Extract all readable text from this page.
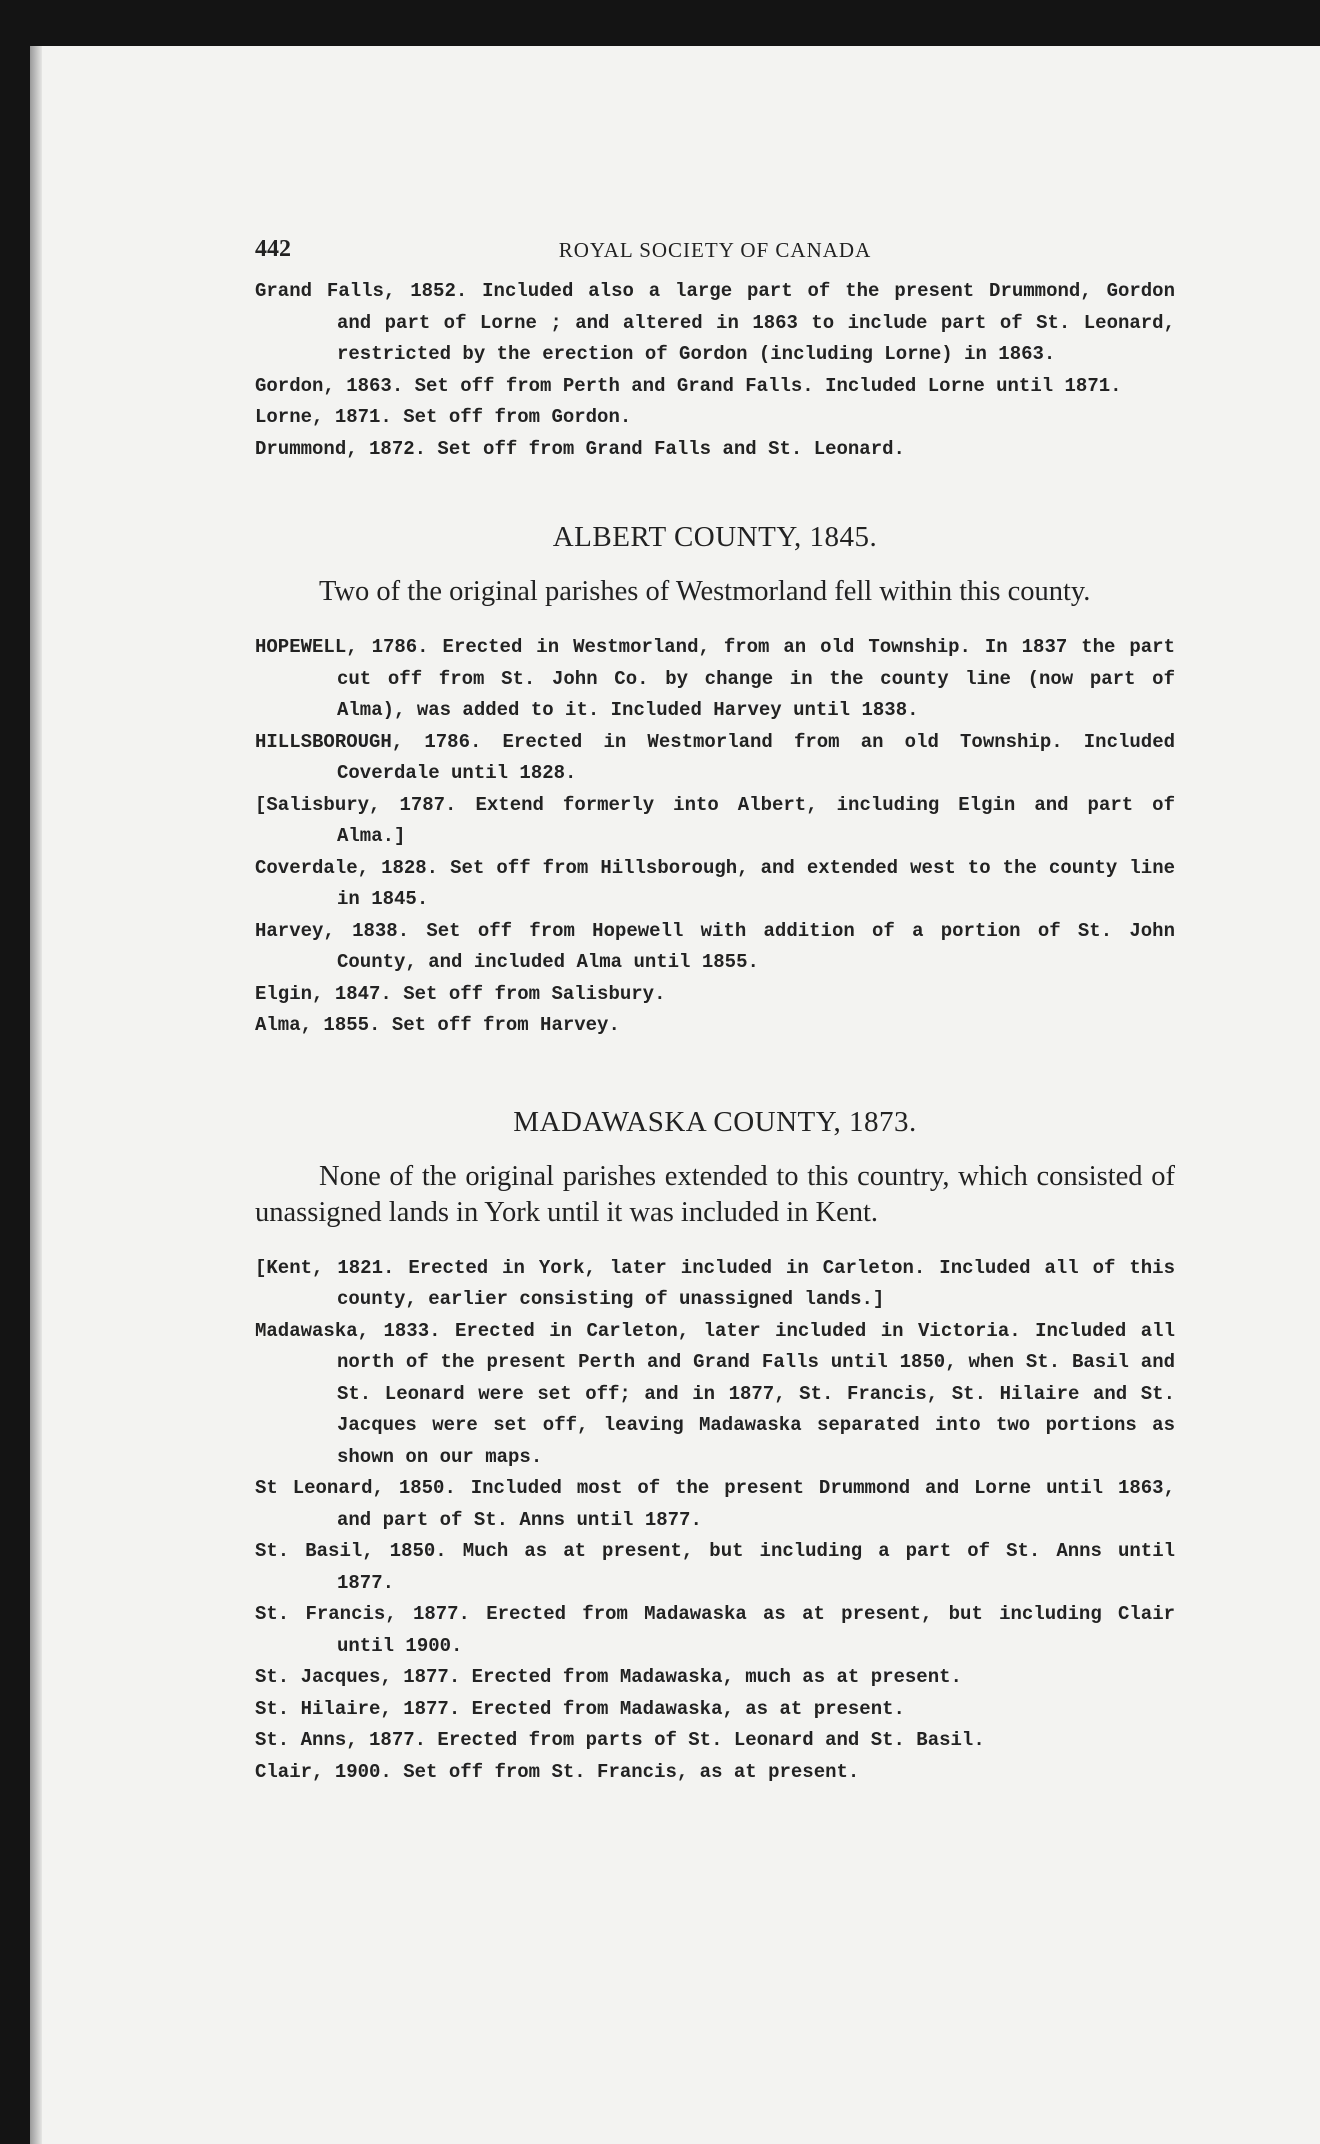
442	ROYAL SOCIETY OF CANADA

Grand Falls, 1852. Included also a large part of the present Drummond, Gordon and part of Lorne ; and altered in 1863 to include part of St. Leonard, restricted by the erection of Gordon (including Lorne) in 1863.

Gordon, 1863. Set off from Perth and Grand Falls. Included Lorne until 1871.

Lorne, 1871. Set off from Gordon.

Drummond, 1872. Set off from Grand Falls and St. Leonard.

ALBERT COUNTY, 1845.

Two of the original parishes of Westmorland fell within this county.

HOPEWELL, 1786. Erected in Westmorland, from an old Township. In 1837 the part cut off from St. John Co. by change in the county line (now part of Alma), was added to it. Included Harvey until 1838.

HILLSBOROUGH, 1786. Erected in Westmorland from an old Township. Included Coverdale until 1828.

[Salisbury, 1787. Extend formerly into Albert, including Elgin and part of Alma.]

Coverdale, 1828. Set off from Hillsborough, and extended west to the county line in 1845.

Harvey, 1838. Set off from Hopewell with addition of a portion of St. John County, and included Alma until 1855.

Elgin, 1847. Set off from Salisbury.

Alma, 1855. Set off from Harvey.

MADAWASKA COUNTY, 1873.

None of the original parishes extended to this country, which consisted of unassigned lands in York until it was included in Kent.

[Kent, 1821. Erected in York, later included in Carleton. Included all of this county, earlier consisting of unassigned lands.]

Madawaska, 1833. Erected in Carleton, later included in Victoria. Included all north of the present Perth and Grand Falls until 1850, when St. Basil and St. Leonard were set off; and in 1877, St. Francis, St. Hilaire and St. Jacques were set off, leaving Madawaska separated into two portions as shown on our maps.

St Leonard, 1850. Included most of the present Drummond and Lorne until 1863, and part of St. Anns until 1877.

St. Basil, 1850. Much as at present, but including a part of St. Anns until 1877.

St. Francis, 1877. Erected from Madawaska as at present, but including Clair until 1900.

St. Jacques, 1877. Erected from Madawaska, much as at present.

St. Hilaire, 1877. Erected from Madawaska, as at present.

St. Anns, 1877. Erected from parts of St. Leonard and St. Basil.

Clair, 1900. Set off from St. Francis, as at present.
